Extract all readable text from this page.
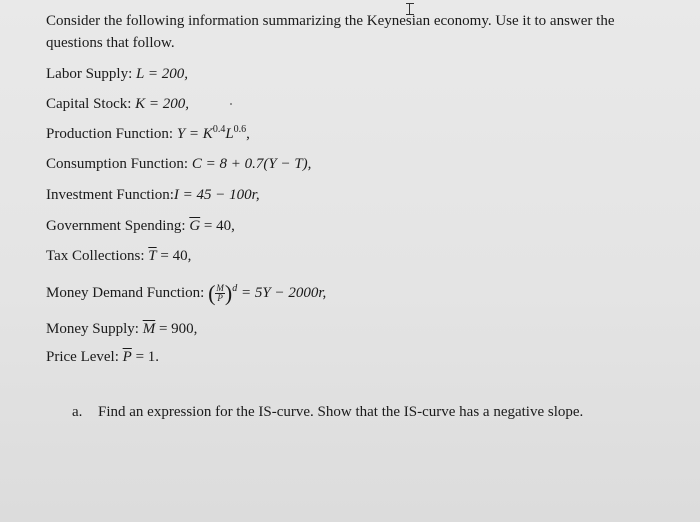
Consider the following information summarizing the Keynesian economy. Use it to answer the questions that follow.
Labor Supply: L = 200,
Capital Stock: K = 200,
Production Function: $Y = K^{0.4}L^{0.6}$,
Consumption Function: C = 8 + 0.7(Y − T),
Investment Function:I = 45 − 100r,
Government Spending: $\overline{G} = 40$,
Tax Collections: $\overline{T} = 40$,
Money Demand Function: ( $\frac{M}{P} )^d = 5Y - 2000r$,
Money Supply: $\overline{M} = 900$,
Price Level: $\overline{P} = 1$.
a. Find an expression for the IS-curve. Show that the IS-curve has a negative slope.
